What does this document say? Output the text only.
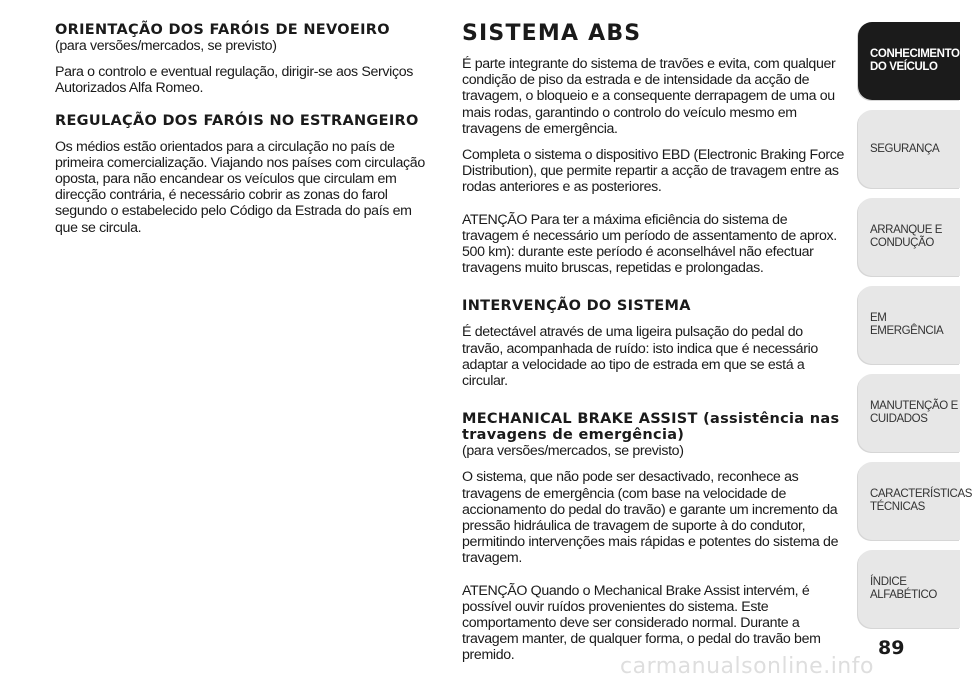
ORIENTAÇÃO DOS FARÓIS DE NEVOEIRO

(para versões/mercados, se previsto)

Para o controlo e eventual regulação, dirigir-se aos Serviços Autorizados Alfa Romeo.

REGULAÇÃO DOS FARÓIS NO ESTRANGEIRO

Os médios estão orientados para a circulação no país de primeira comercialização. Viajando nos países com circulação oposta, para não encandear os veículos que circulam em direcção contrária, é necessário cobrir as zonas do farol segundo o estabelecido pelo Código da Estrada do país em que se circula.

SISTEMA ABS

É parte integrante do sistema de travões e evita, com qualquer condição de piso da estrada e de intensidade da acção de travagem, o bloqueio e a consequente derrapagem de uma ou mais rodas, garantindo o controlo do veículo mesmo em travagens de emergência.

Completa o sistema o dispositivo EBD (Electronic Braking Force Distribution), que permite repartir a acção de travagem entre as rodas anteriores e as posteriores.

ATENÇÃO Para ter a máxima eficiência do sistema de travagem é necessário um período de assentamento de aprox. 500 km): durante este período é aconselhável não efectuar travagens muito bruscas, repetidas e prolongadas.

INTERVENÇÃO DO SISTEMA

É detectável através de uma ligeira pulsação do pedal do travão, acompanhada de ruído: isto indica que é necessário adaptar a velocidade ao tipo de estrada em que se está a circular.

MECHANICAL BRAKE ASSIST (assistência nas travagens de emergência)

(para versões/mercados, se previsto)

O sistema, que não pode ser desactivado, reconhece as travagens de emergência (com base na velocidade de accionamento do pedal do travão) e garante um incremento da pressão hidráulica de travagem de suporte à do condutor, permitindo intervenções mais rápidas e potentes do sistema de travagem.

ATENÇÃO Quando o Mechanical Brake Assist intervém, é possível ouvir ruídos provenientes do sistema. Este comportamento deve ser considerado normal. Durante a travagem manter, de qualquer forma, o pedal do travão bem premido.

CONHECIMENTO DO VEÍCULO
SEGURANÇA
ARRANQUE E CONDUÇÃO
EM EMERGÊNCIA
MANUTENÇÃO E CUIDADOS
CARACTERÍSTICAS TÉCNICAS
ÍNDICE ALFABÉTICO
89
carmanualsonline.info
